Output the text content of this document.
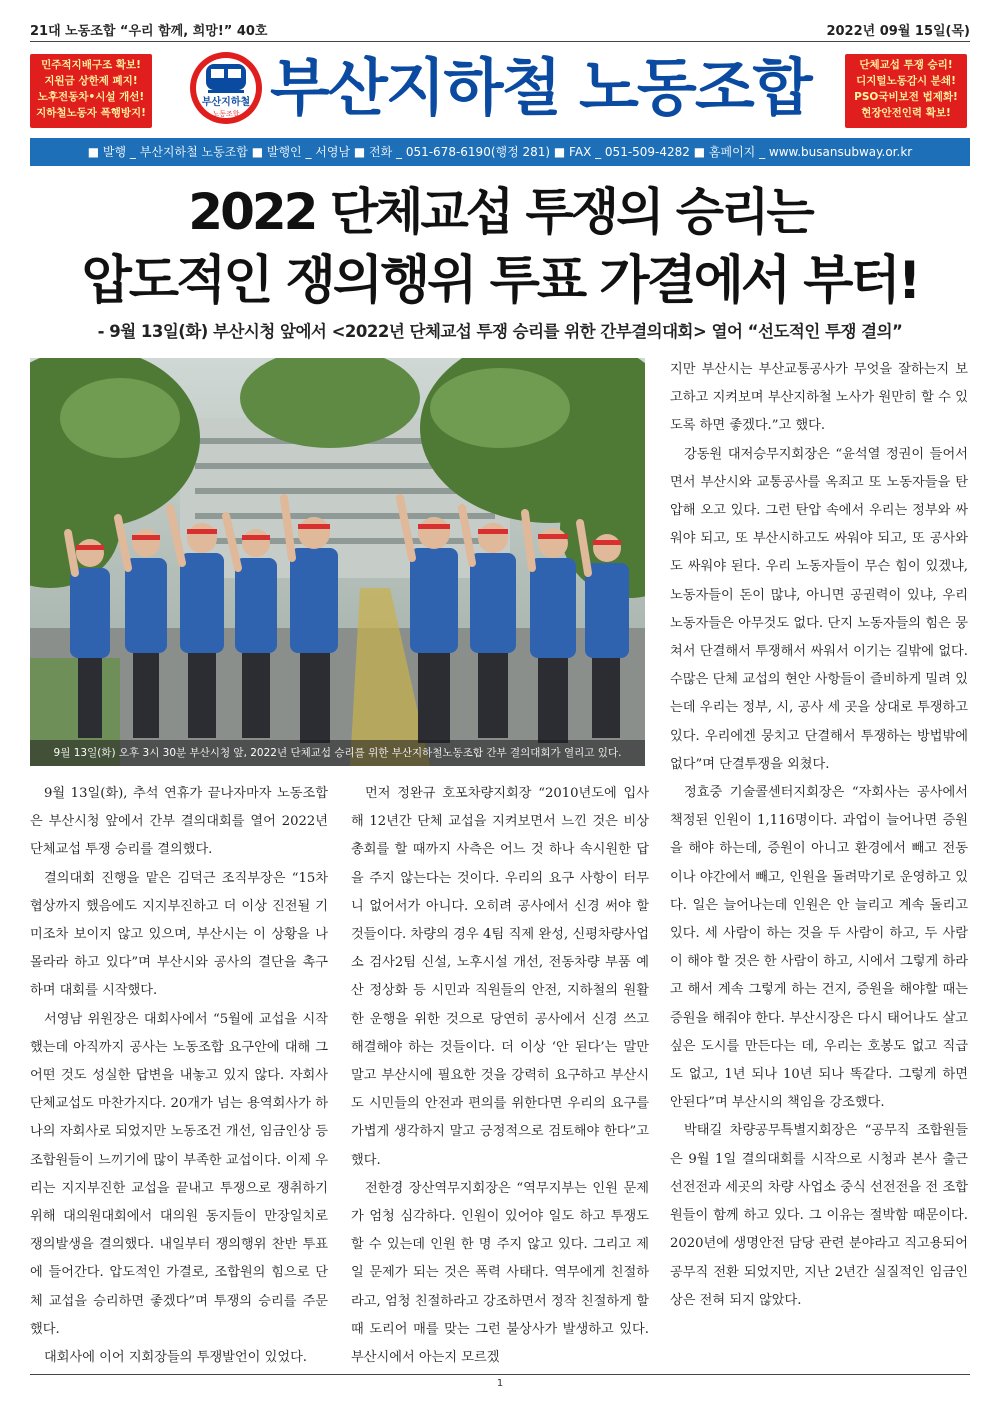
21대 노동조합 “우리 함께, 희망!” 40호	2022년 09월 15일(목)
민주적지배구조 확보!
지원금 상한제 폐지!
노후전동차•시설 개선!
지하철노동자 폭행방지!
부산지하철
노동조합 부산지하철 노동조합	단체교섭 투쟁 승리!
디지털노동감시 분쇄!
PSO국비보전 법제화!
현장안전인력 확보!
■ 발행 _ 부산지하철 노동조합 ■ 발행인 _ 서영남 ■ 전화 _ 051-678-6190(행정 281) ■ FAX _ 051-509-4282 ■ 홈페이지 _ www.busansubway.or.kr
2022 단체교섭 투쟁의 승리는
압도적인 쟁의행위 투표 가결에서 부터!
- 9월 13일(화) 부산시청 앞에서 <2022년 단체교섭 투쟁 승리를 위한 간부결의대회> 열어 “선도적인 투쟁 결의”
9월 13일(화) 오후 3시 30분 부산시청 앞, 2022년 단체교섭 승리를 위한 부산지하철노동조합 간부 결의대회가 열리고 있다.

9월 13일(화), 추석 연휴가 끝나자마자 노동조합은 부산시청 앞에서 간부 결의대회를 열어 2022년 단체교섭 투쟁 승리를 결의했다.

결의대회 진행을 맡은 김덕근 조직부장은 “15차 협상까지 했음에도 지지부진하고 더 이상 진전될 기미조차 보이지 않고 있으며, 부산시는 이 상황을 나몰라라 하고 있다”며 부산시와 공사의 결단을 촉구하며 대회를 시작했다.

서영남 위원장은 대회사에서 “5월에 교섭을 시작했는데 아직까지 공사는 노동조합 요구안에 대해 그 어떤 것도 성실한 답변을 내놓고 있지 않다. 자회사 단체교섭도 마찬가지다. 20개가 넘는 용역회사가 하나의 자회사로 되었지만 노동조건 개선, 임금인상 등 조합원들이 느끼기에 많이 부족한 교섭이다. 이제 우리는 지지부진한 교섭을 끝내고 투쟁으로 쟁취하기 위해 대의원대회에서 대의원 동지들이 만장일치로 쟁의발생을 결의했다. 내일부터 쟁의행위 찬반 투표에 들어간다. 압도적인 가결로, 조합원의 힘으로 단체 교섭을 승리하면 좋겠다”며 투쟁의 승리를 주문했다.

대회사에 이어 지회장들의 투쟁발언이 있었다.

먼저 정완규 호포차량지회장 “2010년도에 입사해 12년간 단체 교섭을 지켜보면서 느낀 것은 비상총회를 할 때까지 사측은 어느 것 하나 속시원한 답을 주지 않는다는 것이다. 우리의 요구 사항이 터무니 없어서가 아니다. 오히려 공사에서 신경 써야 할 것들이다. 차량의 경우 4팀 직제 완성, 신평차량사업소 검사2팀 신설, 노후시설 개선, 전동차량 부품 예산 정상화 등 시민과 직원들의 안전, 지하철의 원활한 운행을 위한 것으로 당연히 공사에서 신경 쓰고 해결해야 하는 것들이다. 더 이상 ‘안 된다’는 말만 말고 부산시에 필요한 것을 강력히 요구하고 부산시도 시민들의 안전과 편의를 위한다면 우리의 요구를 가볍게 생각하지 말고 긍정적으로 검토해야 한다”고 했다.

전한경 장산역무지회장은 “역무지부는 인원 문제가 엄청 심각하다. 인원이 있어야 일도 하고 투쟁도 할 수 있는데 인원 한 명 주지 않고 있다. 그리고 제일 문제가 되는 것은 폭력 사태다. 역무에게 친절하라고, 엄청 친절하라고 강조하면서 정작 친절하게 할 때 도리어 매를 맞는 그런 불상사가 발생하고 있다. 부산시에서 아는지 모르겠

지만 부산시는 부산교통공사가 무엇을 잘하는지 보고하고 지켜보며 부산지하철 노사가 원만히 할 수 있도록 하면 좋겠다.”고 했다.

강동원 대저승무지회장은 “윤석열 정권이 들어서면서 부산시와 교통공사를 옥죄고 또 노동자들을 탄압해 오고 있다. 그런 탄압 속에서 우리는 정부와 싸워야 되고, 또 부산시하고도 싸워야 되고, 또 공사와도 싸워야 된다. 우리 노동자들이 무슨 힘이 있겠냐, 노동자들이 돈이 많냐, 아니면 공권력이 있냐, 우리 노동자들은 아무것도 없다. 단지 노동자들의 힘은 뭉쳐서 단결해서 투쟁해서 싸워서 이기는 길밖에 없다. 수많은 단체 교섭의 현안 사항들이 즐비하게 밀려 있는데 우리는 정부, 시, 공사 세 곳을 상대로 투쟁하고 있다. 우리에겐 뭉치고 단결해서 투쟁하는 방법밖에 없다”며 단결투쟁을 외쳤다.

정효중 기술콜센터지회장은 “자회사는 공사에서 책정된 인원이 1,116명이다. 과업이 늘어나면 증원을 해야 하는데, 증원이 아니고 환경에서 빼고 전동이나 야간에서 빼고, 인원을 돌려막기로 운영하고 있다. 일은 늘어나는데 인원은 안 늘리고 계속 돌리고 있다. 세 사람이 하는 것을 두 사람이 하고, 두 사람이 해야 할 것은 한 사람이 하고, 시에서 그렇게 하라고 해서 계속 그렇게 하는 건지, 증원을 해야할 때는 증원을 해줘야 한다. 부산시장은 다시 태어나도 살고 싶은 도시를 만든다는 데, 우리는 호봉도 없고 직급도 없고, 1년 되나 10년 되나 똑같다. 그렇게 하면 안된다”며 부산시의 책임을 강조했다.

박태길 차량공무특별지회장은 “공무직 조합원들은 9월 1일 결의대회를 시작으로 시청과 본사 출근 선전전과 세곳의 차량 사업소 중식 선전전을 전 조합원들이 함께 하고 있다. 그 이유는 절박함 때문이다. 2020년에 생명안전 담당 관련 분야라고 직고용되어 공무직 전환 되었지만, 지난 2년간 실질적인 임금인상은 전혀 되지 않았다.

1
